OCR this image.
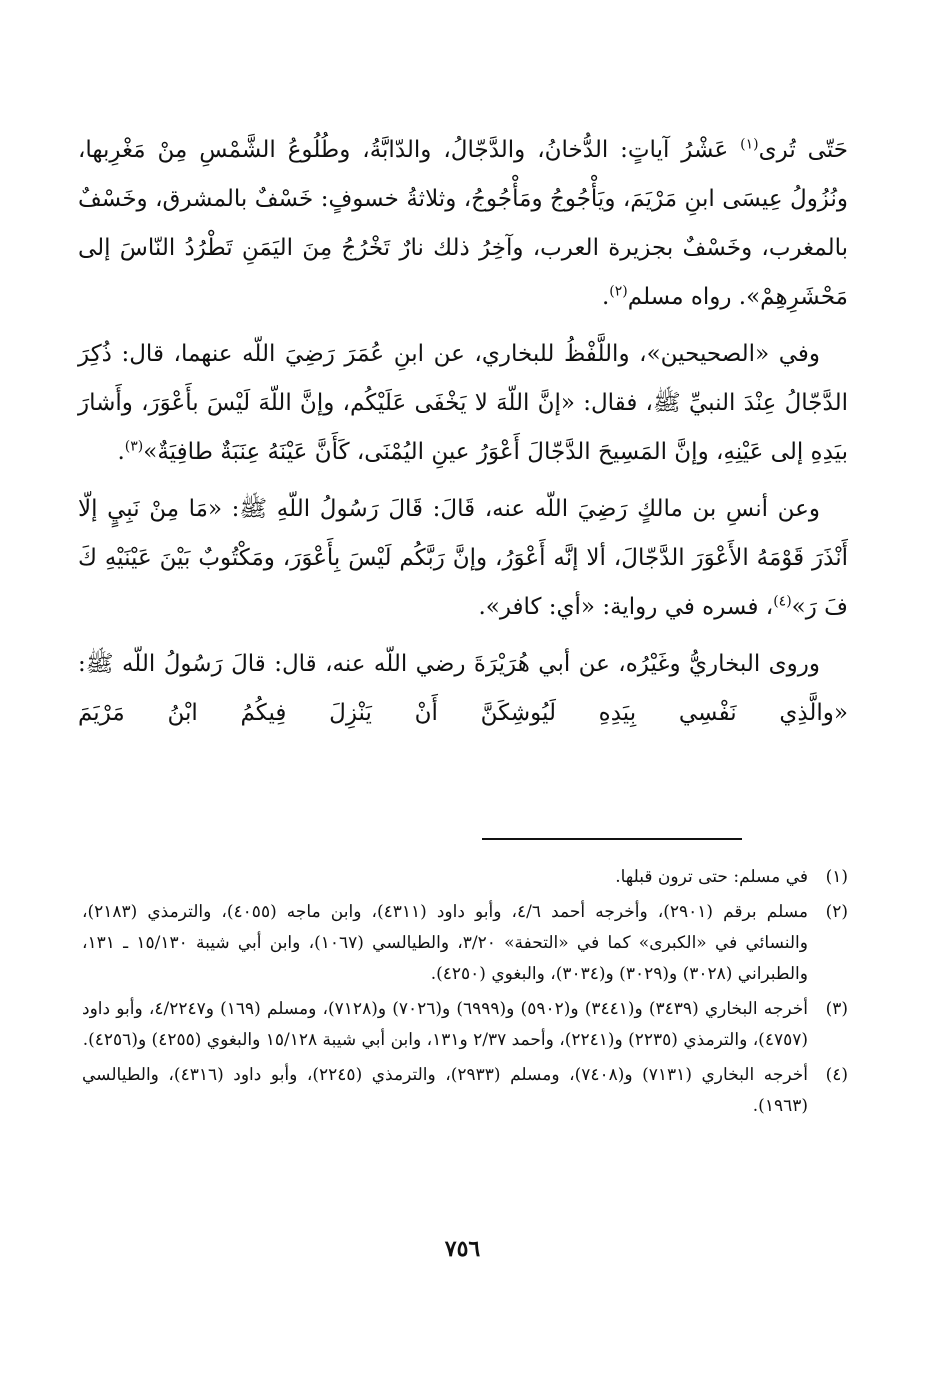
حَتّى تُرى$^{(١)}$ عَشْرُ آياتٍ: الدُّخانُ، والدَّجّالُ، والدّابَّةُ، وطُلُوعُ الشَّمْسِ مِنْ مَغْرِبها، ونُزُولُ عِيسَى ابنِ مَرْيَمَ، ويَأْجُوجُ ومَأْجُوجُ، وثلاثةُ خسوفٍ: خَسْفٌ بالمشرق، وخَسْفٌ بالمغرب، وخَسْفٌ بجزيرة العرب، وآخِرُ ذلك نارٌ تَخْرُجُ مِنَ اليَمَنِ تَطْرُدُ النّاسَ إلى مَحْشَرِهِمْ». رواه مسلم$^{(٢)}$.

وفي «الصحيحين»، واللَّفْظُ للبخاري، عن ابنِ عُمَرَ رَضِيَ اللّه عنهما، قال: ذُكِرَ الدَّجّالُ عِنْدَ النبيِّ ﷺ، فقال: «إنَّ اللّهَ لا يَخْفَى عَلَيْكُم، وإنَّ اللّهَ لَيْسَ بأَعْوَرَ، وأَشارَ بيَدِهِ إلى عَيْنِهِ، وإنَّ المَسِيحَ الدَّجّالَ أَعْوَرُ عينِ اليُمْنَى، كَأَنَّ عَيْنَهُ عِنَبَةٌ طافِيَةٌ»$^{(٣)}$.

وعن أنسِ بن مالكٍ رَضِيَ اللّه عنه، قَالَ: قَالَ رَسُولُ اللّهِ ﷺ: «مَا مِنْ نَبِيٍ إلّا أَنْذَرَ قَوْمَهُ الأَعْوَرَ الدَّجّالَ، ألا إنَّه أَعْوَرُ، وإنَّ رَبَّكُم لَيْسَ بِأَعْوَرَ، ومَكْتُوبٌ بَيْنَ عَيْنَيْهِ كَ فَ رَ»$^{(٤)}$، فسره في رواية: «أي: كافر».

وروى البخاريُّ وغَيْرُه، عن أبي هُرَيْرَةَ رضي اللّه عنه، قال: قالَ رَسُولُ اللّه ﷺ: «والَّذِي نَفْسِي بِيَدِهِ لَيُوشِكَنَّ أَنْ يَنْزِلَ فِيكُمُ ابْنُ مَرْيَمَ

(١)
في مسلم: حتى ترون قبلها.
(٢)
مسلم برقم (٢٩٠١)، وأخرجه أحمد ٤/٦، وأبو داود (٤٣١١)، وابن ماجه (٤٠٥٥)، والترمذي (٢١٨٣)، والنسائي في «الكبرى» كما في «التحفة» ٣/٢٠، والطيالسي (١٠٦٧)، وابن أبي شيبة ١٥/١٣٠ ـ ١٣١، والطبراني (٣٠٢٨) و(٣٠٢٩) و(٣٠٣٤)، والبغوي (٤٢٥٠).
(٣)
أخرجه البخاري (٣٤٣٩) و(٣٤٤١) و(٥٩٠٢) و(٦٩٩٩) و(٧٠٢٦) و(٧١٢٨)، ومسلم (١٦٩) و٤/٢٢٤٧، وأبو داود (٤٧٥٧)، والترمذي (٢٢٣٥) و(٢٢٤١)، وأحمد ٢/٣٧ و١٣١، وابن أبي شيبة ١٥/١٢٨ والبغوي (٤٢٥٥) و(٤٢٥٦).
(٤)
أخرجه البخاري (٧١٣١) و(٧٤٠٨)، ومسلم (٢٩٣٣)، والترمذي (٢٢٤٥)، وأبو داود (٤٣١٦)، والطيالسي (١٩٦٣).
٧٥٦
